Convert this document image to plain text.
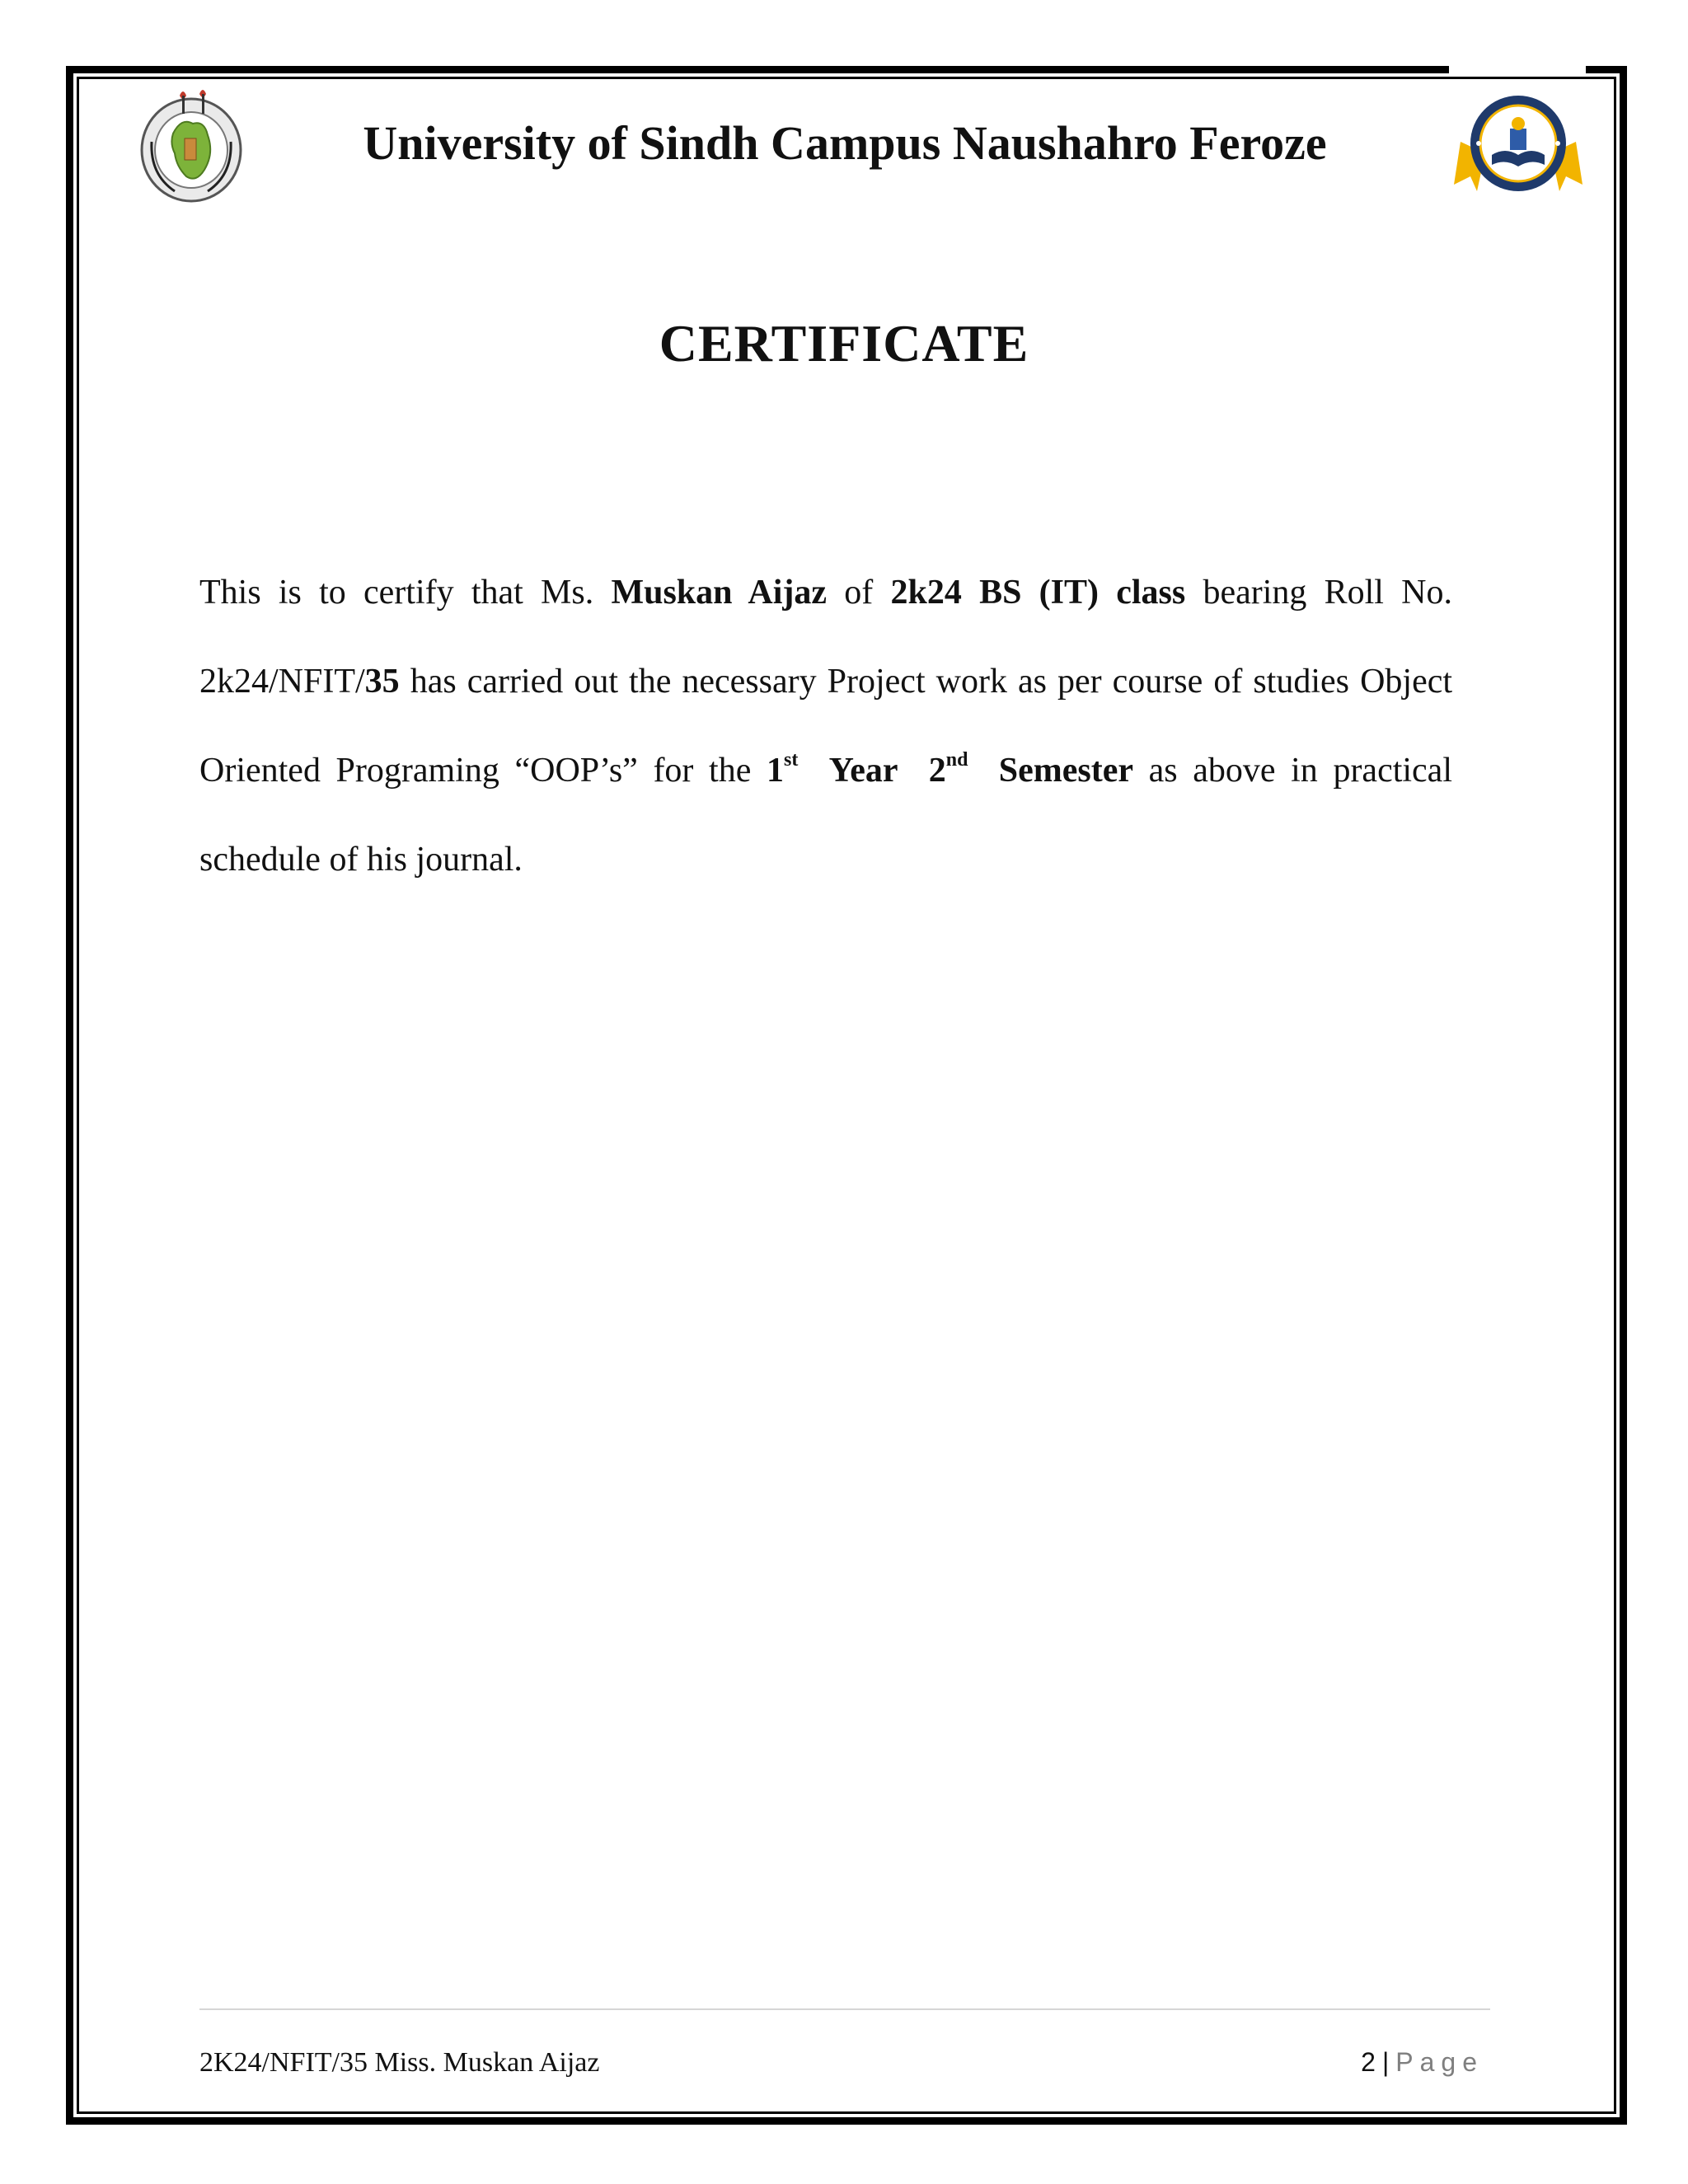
University of Sindh Campus Naushahro Feroze
CERTIFICATE
This is to certify that Ms. Muskan Aijaz of 2k24 BS (IT) class bearing Roll No. 2k24/NFIT/35 has carried out the necessary Project work as per course of studies Object Oriented Programing “OOP’s” for the 1st Year 2nd Semester as above in practical schedule of his journal.
2K24/NFIT/35 Miss. Muskan Aijaz	2 | Page
